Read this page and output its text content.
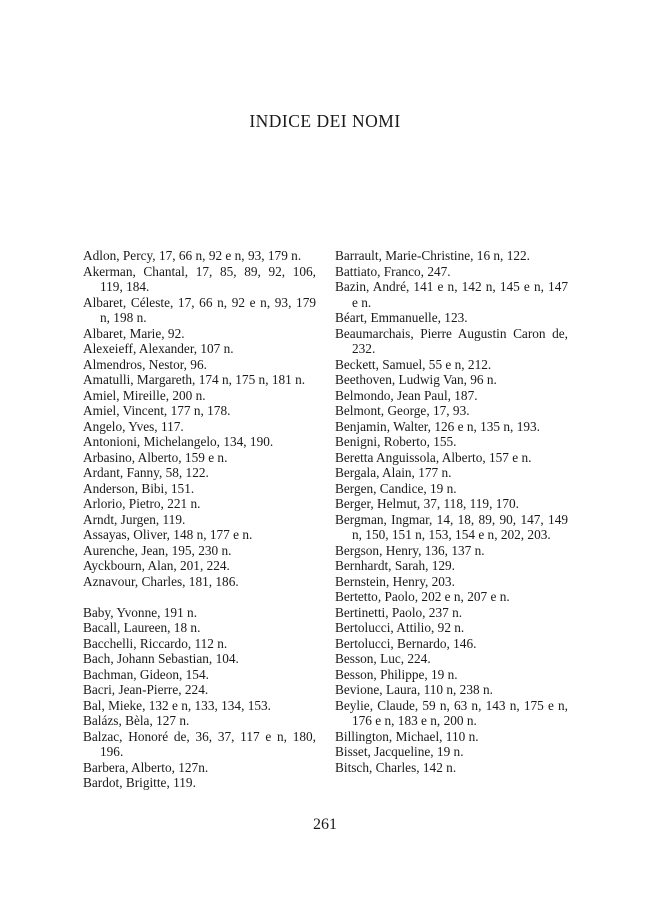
INDICE DEI NOMI
Adlon, Percy, 17, 66 n, 92 e n, 93, 179 n.
Akerman, Chantal, 17, 85, 89, 92, 106, 119, 184.
Albaret, Céleste, 17, 66 n, 92 e n, 93, 179 n, 198 n.
Albaret, Marie, 92.
Alexeieff, Alexander, 107 n.
Almendros, Nestor, 96.
Amatulli, Margareth, 174 n, 175 n, 181 n.
Amiel, Mireille, 200 n.
Amiel, Vincent, 177 n, 178.
Angelo, Yves, 117.
Antonioni, Michelangelo, 134, 190.
Arbasino, Alberto, 159 e n.
Ardant, Fanny, 58, 122.
Anderson, Bibi, 151.
Arlorio, Pietro, 221 n.
Arndt, Jurgen, 119.
Assayas, Oliver, 148 n, 177 e n.
Aurenche, Jean, 195, 230 n.
Ayckbourn, Alan, 201, 224.
Aznavour, Charles, 181, 186.
Baby, Yvonne, 191 n.
Bacall, Laureen, 18 n.
Bacchelli, Riccardo, 112 n.
Bach, Johann Sebastian, 104.
Bachman, Gideon, 154.
Bacri, Jean-Pierre, 224.
Bal, Mieke, 132 e n, 133, 134, 153.
Balázs, Bèla, 127 n.
Balzac, Honoré de, 36, 37, 117 e n, 180, 196.
Barbera, Alberto, 127n.
Bardot, Brigitte, 119.
Barrault, Marie-Christine, 16 n, 122.
Battiato, Franco, 247.
Bazin, André, 141 e n, 142 n, 145 e n, 147 e n.
Béart, Emmanuelle, 123.
Beaumarchais, Pierre Augustin Caron de, 232.
Beckett, Samuel, 55 e n, 212.
Beethoven, Ludwig Van, 96 n.
Belmondo, Jean Paul, 187.
Belmont, George, 17, 93.
Benjamin, Walter, 126 e n, 135 n, 193.
Benigni, Roberto, 155.
Beretta Anguissola, Alberto, 157 e n.
Bergala, Alain, 177 n.
Bergen, Candice, 19 n.
Berger, Helmut, 37, 118, 119, 170.
Bergman, Ingmar, 14, 18, 89, 90, 147, 149 n, 150, 151 n, 153, 154 e n, 202, 203.
Bergson, Henry, 136, 137 n.
Bernhardt, Sarah, 129.
Bernstein, Henry, 203.
Bertetto, Paolo, 202 e n, 207 e n.
Bertinetti, Paolo, 237 n.
Bertolucci, Attilio, 92 n.
Bertolucci, Bernardo, 146.
Besson, Luc, 224.
Besson, Philippe, 19 n.
Bevione, Laura, 110 n, 238 n.
Beylie, Claude, 59 n, 63 n, 143 n, 175 e n, 176 e n, 183 e n, 200 n.
Billington, Michael, 110 n.
Bisset, Jacqueline, 19 n.
Bitsch, Charles, 142 n.
261
